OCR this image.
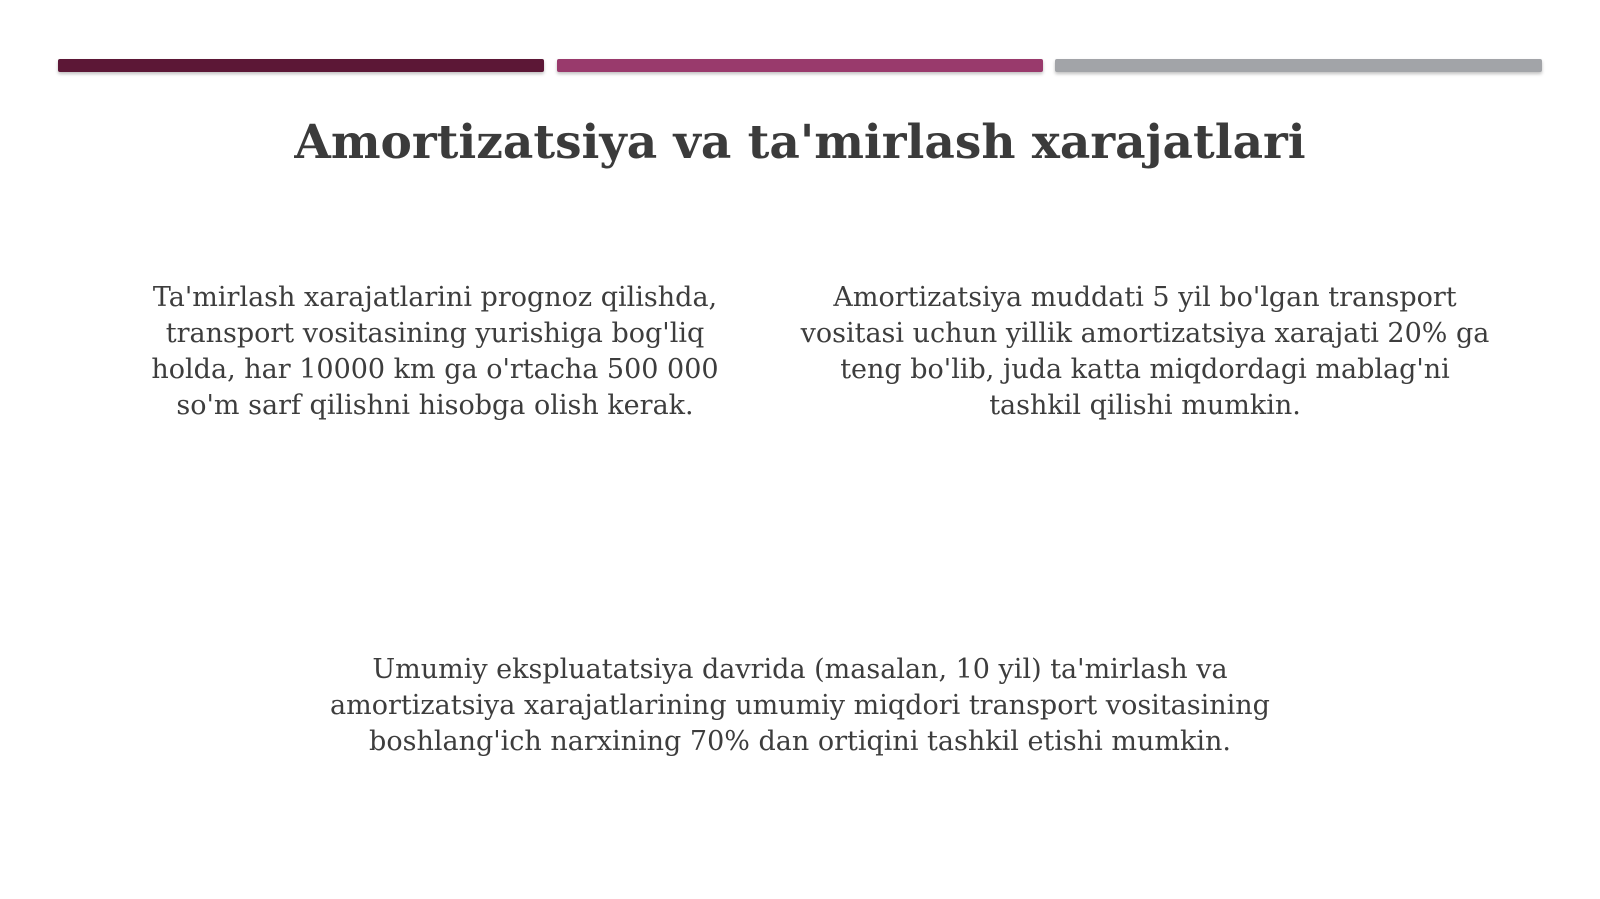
Amortizatsiya va ta'mirlash xarajatlari

Ta'mirlash xarajatlarini prognoz qilishda, transport vositasining yurishiga bog'liq holda, har 10000 km ga o'rtacha 500 000 so'm sarf qilishni hisobga olish kerak.

Amortizatsiya muddati 5 yil bo'lgan transport vositasi uchun yillik amortizatsiya xarajati 20% ga teng bo'lib, juda katta miqdordagi mablag'ni tashkil qilishi mumkin.

Umumiy ekspluatatsiya davrida (masalan, 10 yil) ta'mirlash va amortizatsiya xarajatlarining umumiy miqdori transport vositasining boshlang'ich narxining 70% dan ortiqini tashkil etishi mumkin.
